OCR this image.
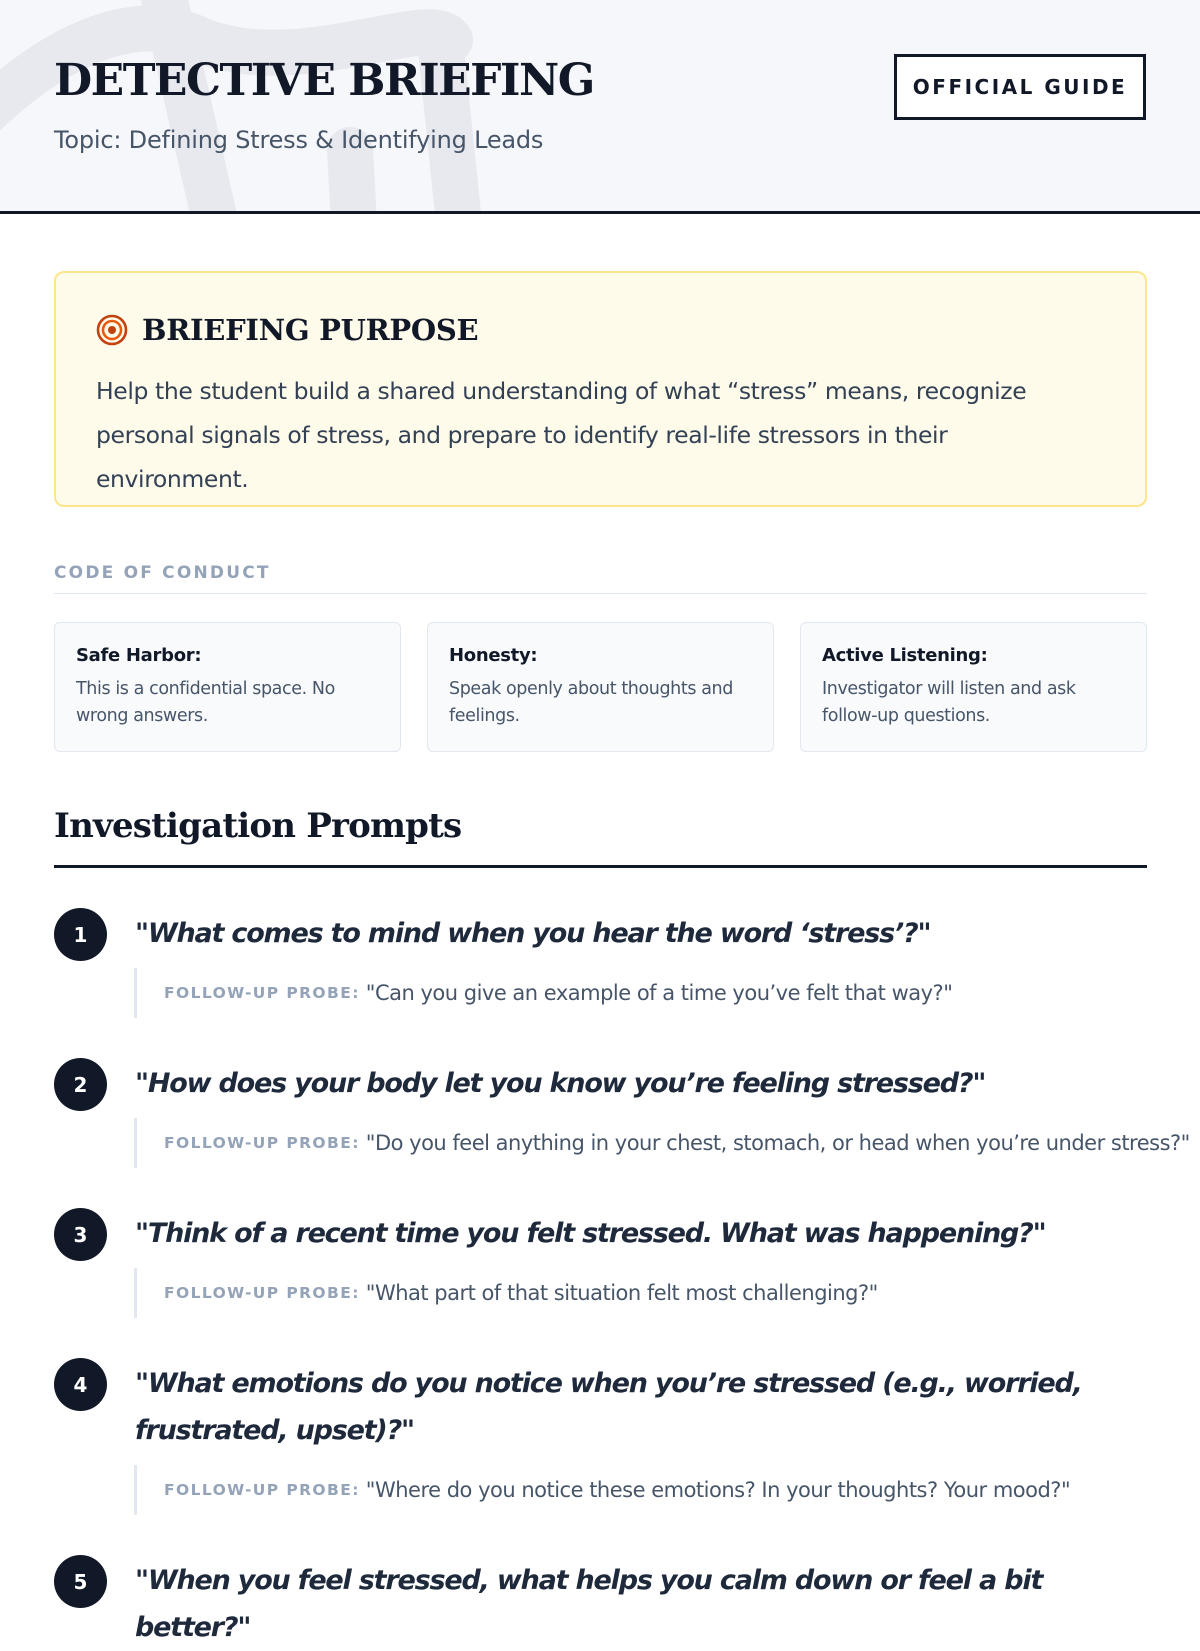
DETECTIVE BRIEFING
Topic: Defining Stress & Identifying Leads
OFFICIAL GUIDE
BRIEFING PURPOSE
Help the student build a shared understanding of what “stress” means, recognize personal signals of stress, and prepare to identify real-life stressors in their environment.
CODE OF CONDUCT
Safe Harbor:
This is a confidential space. No wrong answers.
Honesty:
Speak openly about thoughts and feelings.
Active Listening:
Investigator will listen and ask follow-up questions.
Investigation Prompts
1	"What comes to mind when you hear the word ‘stress’?"
FOLLOW-UP PROBE: "Can you give an example of a time you’ve felt that way?"
2	"How does your body let you know you’re feeling stressed?"
FOLLOW-UP PROBE: "Do you feel anything in your chest, stomach, or head when you’re under stress?"
3	"Think of a recent time you felt stressed. What was happening?"
FOLLOW-UP PROBE: "What part of that situation felt most challenging?"
4	"What emotions do you notice when you’re stressed (e.g., worried, frustrated, upset)?"
FOLLOW-UP PROBE: "Where do you notice these emotions? In your thoughts? Your mood?"
5	"When you feel stressed, what helps you calm down or feel a bit better?"
